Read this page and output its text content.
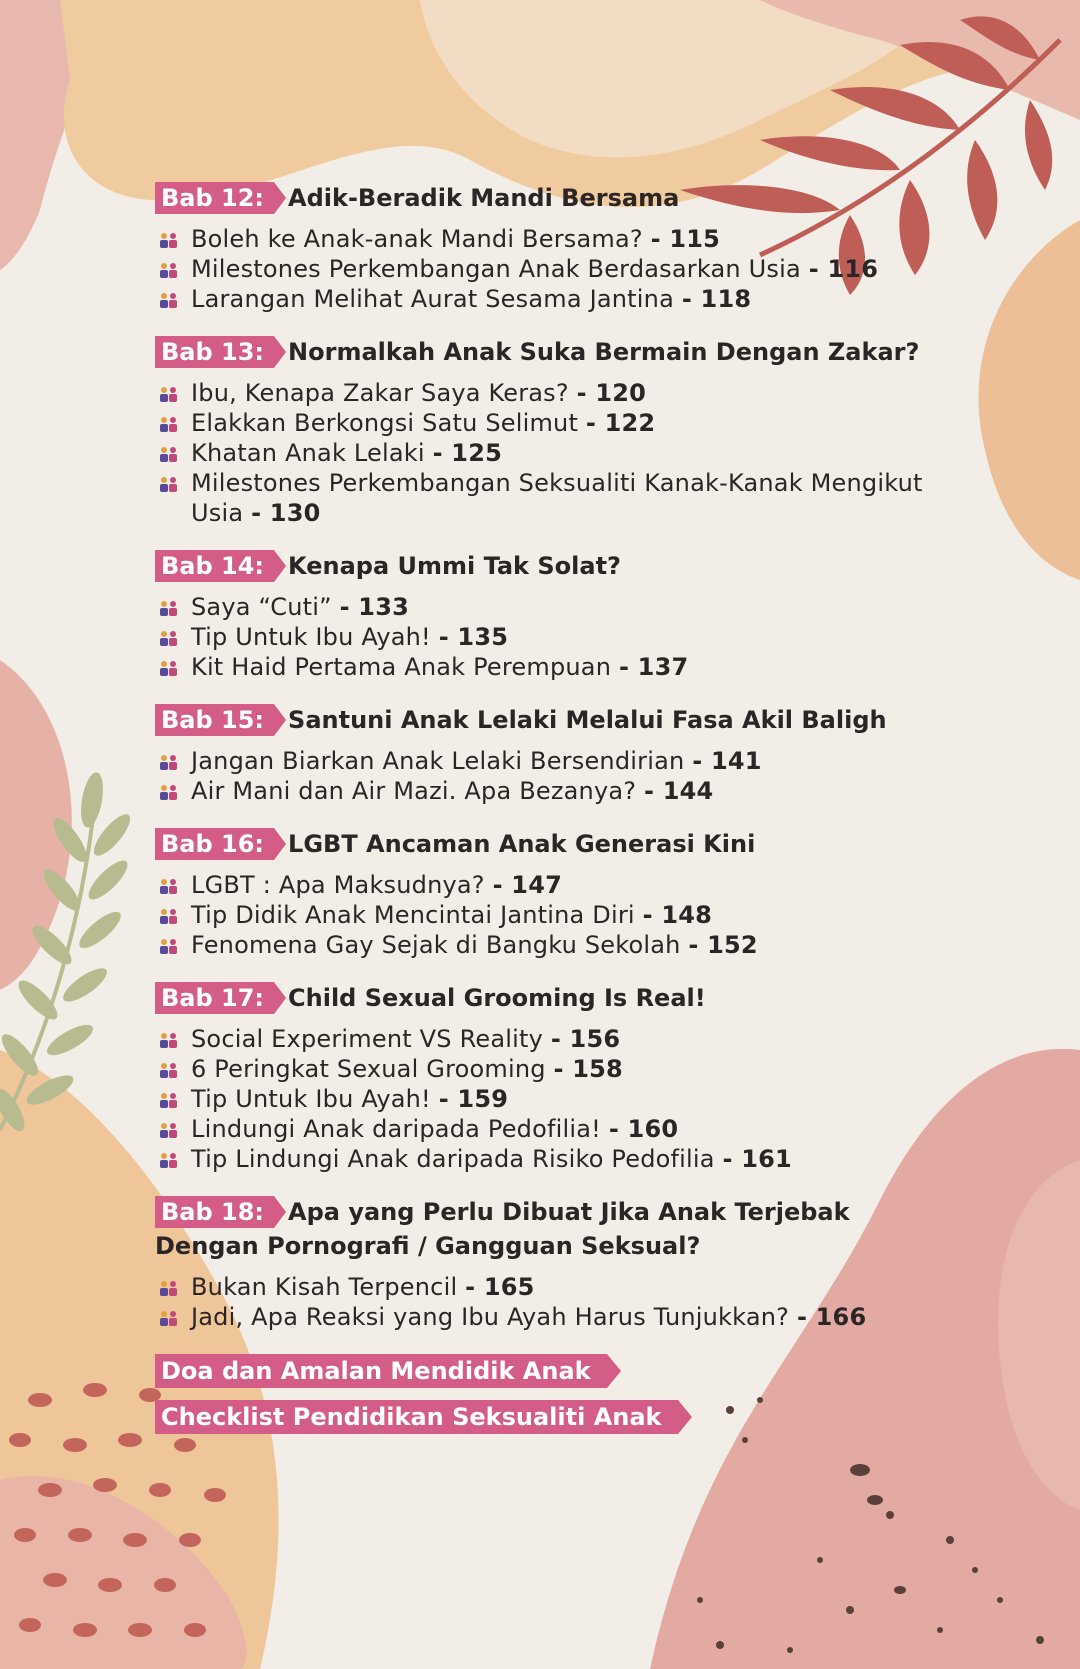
Bab 12:	Adik-Beradik Mandi Bersama
Boleh ke Anak-anak Mandi Bersama? - 115
Milestones Perkembangan Anak Berdasarkan Usia - 116
Larangan Melihat Aurat Sesama Jantina - 118
Bab 13:	Normalkah Anak Suka Bermain Dengan Zakar?
Ibu, Kenapa Zakar Saya Keras? - 120
Elakkan Berkongsi Satu Selimut - 122
Khatan Anak Lelaki - 125
Milestones Perkembangan Seksualiti Kanak-Kanak Mengikut Usia - 130
Bab 14:	Kenapa Ummi Tak Solat?
Saya “Cuti” - 133
Tip Untuk Ibu Ayah! - 135
Kit Haid Pertama Anak Perempuan - 137
Bab 15:	Santuni Anak Lelaki Melalui Fasa Akil Baligh
Jangan Biarkan Anak Lelaki Bersendirian - 141
Air Mani dan Air Mazi. Apa Bezanya? - 144
Bab 16:	LGBT Ancaman Anak Generasi Kini
LGBT : Apa Maksudnya? - 147
Tip Didik Anak Mencintai Jantina Diri - 148
Fenomena Gay Sejak di Bangku Sekolah - 152
Bab 17:	Child Sexual Grooming Is Real!
Social Experiment VS Reality - 156
6 Peringkat Sexual Grooming - 158
Tip Untuk Ibu Ayah! - 159
Lindungi Anak daripada Pedofilia! - 160
Tip Lindungi Anak daripada Risiko Pedofilia - 161
Bab 18:	Apa yang Perlu Dibuat Jika Anak Terjebak
Dengan Pornografi / Gangguan Seksual?
Bukan Kisah Terpencil - 165
Jadi, Apa Reaksi yang Ibu Ayah Harus Tunjukkan? - 166
Doa dan Amalan Mendidik Anak
Checklist Pendidikan Seksualiti Anak
